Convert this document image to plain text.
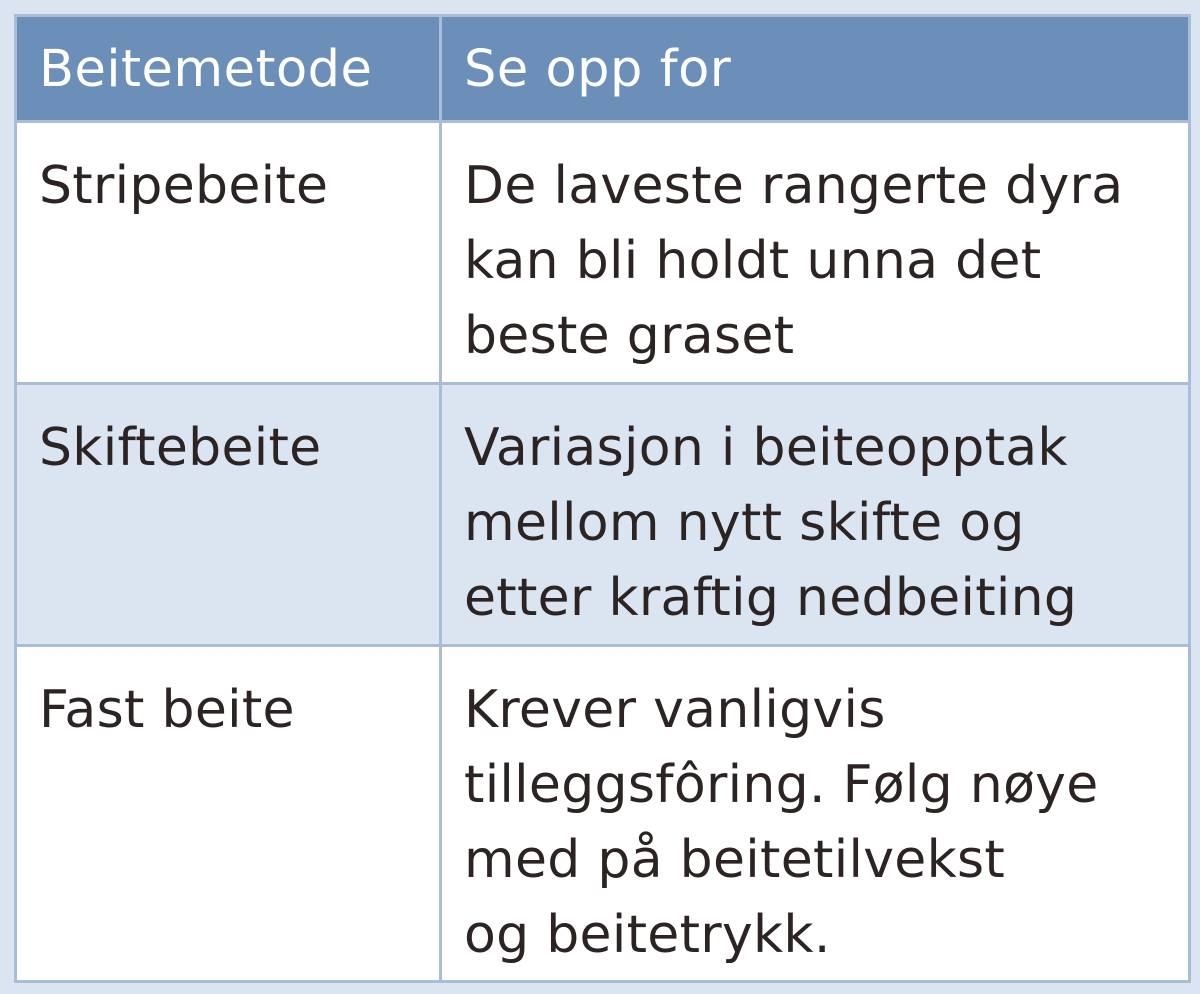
Beitemetode	Se opp for
Stripebeite	De laveste rangerte dyra
kan bli holdt unna det
beste graset

Skiftebeite	Variasjon i beiteopptak
mellom nytt skifte og
etter kraftig nedbeiting

Fast beite	Krever vanligvis
tilleggsfôring. Følg nøye
med på beitetilvekst
og beitetrykk.
